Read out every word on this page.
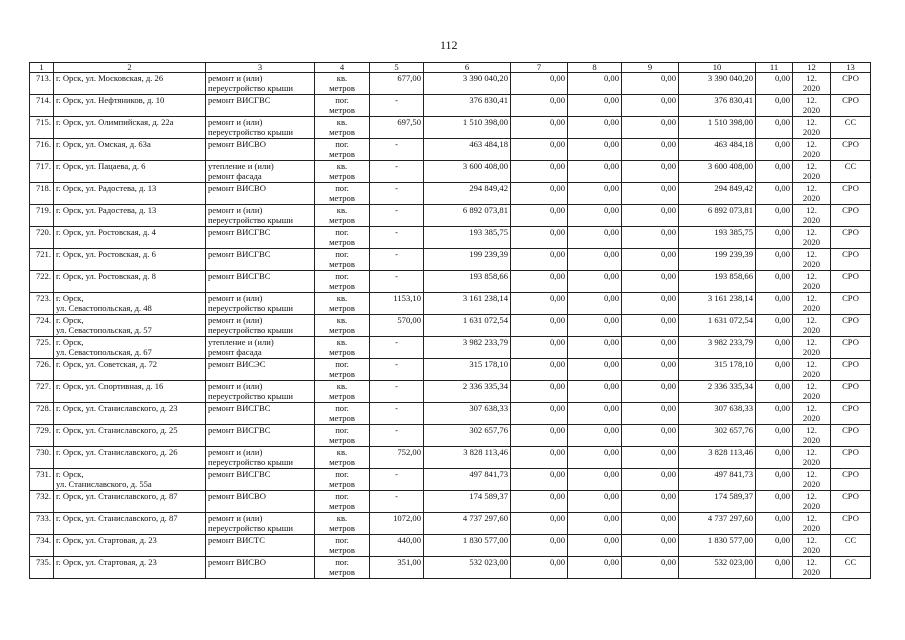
112
1	2	3	4	5	6	7	8	9	10	11	12	13
713.	г. Орск, ул. Московская, д. 26	ремонт и (или)
переустройство крыши	кв.
метров	677,00	3 390 040,20	0,00	0,00	0,00	3 390 040,20	0,00	12.
2020	СРО
714.	г. Орск, ул. Нефтяников, д. 10	ремонт ВИСГВС	пог.
метров	-	376 830,41	0,00	0,00	0,00	376 830,41	0,00	12.
2020	СРО
715.	г. Орск, ул. Олимпийская, д. 22а	ремонт и (или)
переустройство крыши	кв.
метров	697,50	1 510 398,00	0,00	0,00	0,00	1 510 398,00	0,00	12.
2020	СС
716.	г. Орск, ул. Омская, д. 63а	ремонт ВИСВО	пог.
метров	-	463 484,18	0,00	0,00	0,00	463 484,18	0,00	12.
2020	СРО
717.	г. Орск, ул. Пацаева, д. 6	утепление и (или)
ремонт фасада	кв.
метров	-	3 600 408,00	0,00	0,00	0,00	3 600 408,00	0,00	12.
2020	СС
718.	г. Орск, ул. Радостева, д. 13	ремонт ВИСВО	пог.
метров	-	294 849,42	0,00	0,00	0,00	294 849,42	0,00	12.
2020	СРО
719.	г. Орск, ул. Радостева, д. 13	ремонт и (или)
переустройство крыши	кв.
метров	-	6 892 073,81	0,00	0,00	0,00	6 892 073,81	0,00	12.
2020	СРО
720.	г. Орск, ул. Ростовская, д. 4	ремонт ВИСГВС	пог.
метров	-	193 385,75	0,00	0,00	0,00	193 385,75	0,00	12.
2020	СРО
721.	г. Орск, ул. Ростовская, д. 6	ремонт ВИСГВС	пог.
метров	-	199 239,39	0,00	0,00	0,00	199 239,39	0,00	12.
2020	СРО
722.	г. Орск, ул. Ростовская, д. 8	ремонт ВИСГВС	пог.
метров	-	193 858,66	0,00	0,00	0,00	193 858,66	0,00	12.
2020	СРО
723.	г. Орск,
ул. Севастопольская, д. 48	ремонт и (или)
переустройство крыши	кв.
метров	1153,10	3 161 238,14	0,00	0,00	0,00	3 161 238,14	0,00	12.
2020	СРО
724.	г. Орск,
ул. Севастопольская, д. 57	ремонт и (или)
переустройство крыши	кв.
метров	570,00	1 631 072,54	0,00	0,00	0,00	1 631 072,54	0,00	12.
2020	СРО
725.	г. Орск,
ул. Севастопольская, д. 67	утепление и (или)
ремонт фасада	кв.
метров	-	3 982 233,79	0,00	0,00	0,00	3 982 233,79	0,00	12.
2020	СРО
726.	г. Орск, ул. Советская, д. 72	ремонт ВИСЭС	пог.
метров	-	315 178,10	0,00	0,00	0,00	315 178,10	0,00	12.
2020	СРО
727.	г. Орск, ул. Спортивная, д. 16	ремонт и (или)
переустройство крыши	кв.
метров	-	2 336 335,34	0,00	0,00	0,00	2 336 335,34	0,00	12.
2020	СРО
728.	г. Орск, ул. Станиславского, д. 23	ремонт ВИСГВС	пог.
метров	-	307 638,33	0,00	0,00	0,00	307 638,33	0,00	12.
2020	СРО
729.	г. Орск, ул. Станиславского, д. 25	ремонт ВИСГВС	пог.
метров	-	302 657,76	0,00	0,00	0,00	302 657,76	0,00	12.
2020	СРО
730.	г. Орск, ул. Станиславского, д. 26	ремонт и (или)
переустройство крыши	кв.
метров	752,00	3 828 113,46	0,00	0,00	0,00	3 828 113,46	0,00	12.
2020	СРО
731.	г. Орск,
ул. Станиславского, д. 55а	ремонт ВИСГВС	пог.
метров	-	497 841,73	0,00	0,00	0,00	497 841,73	0,00	12.
2020	СРО
732.	г. Орск, ул. Станиславского, д. 87	ремонт ВИСВО	пог.
метров	-	174 589,37	0,00	0,00	0,00	174 589,37	0,00	12.
2020	СРО
733.	г. Орск, ул. Станиславского, д. 87	ремонт и (или)
переустройство крыши	кв.
метров	1072,00	4 737 297,60	0,00	0,00	0,00	4 737 297,60	0,00	12.
2020	СРО
734.	г. Орск, ул. Стартовая, д. 23	ремонт ВИСТС	пог.
метров	440,00	1 830 577,00	0,00	0,00	0,00	1 830 577,00	0,00	12.
2020	СС
735.	г. Орск, ул. Стартовая, д. 23	ремонт ВИСВО	пог.
метров	351,00	532 023,00	0,00	0,00	0,00	532 023,00	0,00	12.
2020	СС
